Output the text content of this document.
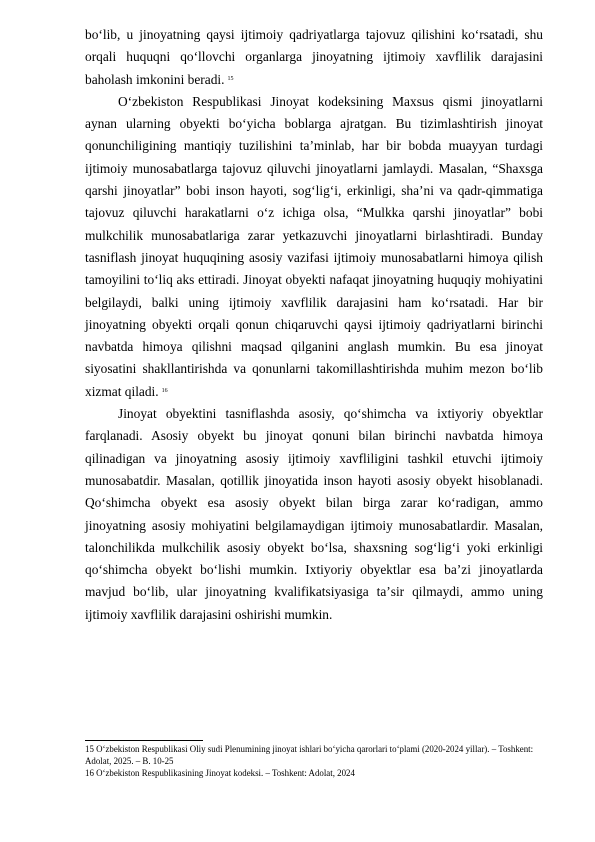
boʻlib, u jinoyatning qaysi ijtimoiy qadriyatlarga tajovuz qilishini koʻrsatadi, shu orqali huquqni qoʻllovchi organlarga jinoyatning ijtimoiy xavflilik darajasini baholash imkonini beradi. $^{15}$

Oʻzbekiston Respublikasi Jinoyat kodeksining Maxsus qismi jinoyatlarni aynan ularning obyekti boʻyicha boblarga ajratgan. Bu tizimlashtirish jinoyat qonunchiligining mantiqiy tuzilishini taʼminlab, har bir bobda muayyan turdagi ijtimoiy munosabatlarga tajovuz qiluvchi jinoyatlarni jamlaydi. Masalan, “Shaxsga qarshi jinoyatlar” bobi inson hayoti, sogʻligʻi, erkinligi, shaʼni va qadr-qimmatiga tajovuz qiluvchi harakatlarni oʻz ichiga olsa, “Mulkka qarshi jinoyatlar” bobi mulkchilik munosabatlariga zarar yetkazuvchi jinoyatlarni birlashtiradi. Bunday tasniflash jinoyat huquqining asosiy vazifasi ijtimoiy munosabatlarni himoya qilish tamoyilini toʻliq aks ettiradi. Jinoyat obyekti nafaqat jinoyatning huquqiy mohiyatini belgilaydi, balki uning ijtimoiy xavflilik darajasini ham koʻrsatadi. Har bir jinoyatning obyekti orqali qonun chiqaruvchi qaysi ijtimoiy qadriyatlarni birinchi navbatda himoya qilishni maqsad qilganini anglash mumkin. Bu esa jinoyat siyosatini shakllantirishda va qonunlarni takomillashtirishda muhim mezon boʻlib xizmat qiladi. $^{16}$

Jinoyat obyektini tasniflashda asosiy, qoʻshimcha va ixtiyoriy obyektlar farqlanadi. Asosiy obyekt bu jinoyat qonuni bilan birinchi navbatda himoya qilinadigan va jinoyatning asosiy ijtimoiy xavfliligini tashkil etuvchi ijtimoiy munosabatdir. Masalan, qotillik jinoyatida inson hayoti asosiy obyekt hisoblanadi. Qoʻshimcha obyekt esa asosiy obyekt bilan birga zarar koʻradigan, ammo jinoyatning asosiy mohiyatini belgilamaydigan ijtimoiy munosabatlardir. Masalan, talonchilikda mulkchilik asosiy obyekt boʻlsa, shaxsning sogʻligʻi yoki erkinligi qoʻshimcha obyekt boʻlishi mumkin. Ixtiyoriy obyektlar esa baʼzi jinoyatlarda mavjud boʻlib, ular jinoyatning kvalifikatsiyasiga taʼsir qilmaydi, ammo uning ijtimoiy xavflilik darajasini oshirishi mumkin.

15 Oʻzbekiston Respublikasi Oliy sudi Plenumining jinoyat ishlari boʻyicha qarorlari toʻplami (2020-2024 yillar). – Toshkent: Adolat, 2025. – B. 10-25

16 Oʻzbekiston Respublikasining Jinoyat kodeksi. – Toshkent: Adolat, 2024
